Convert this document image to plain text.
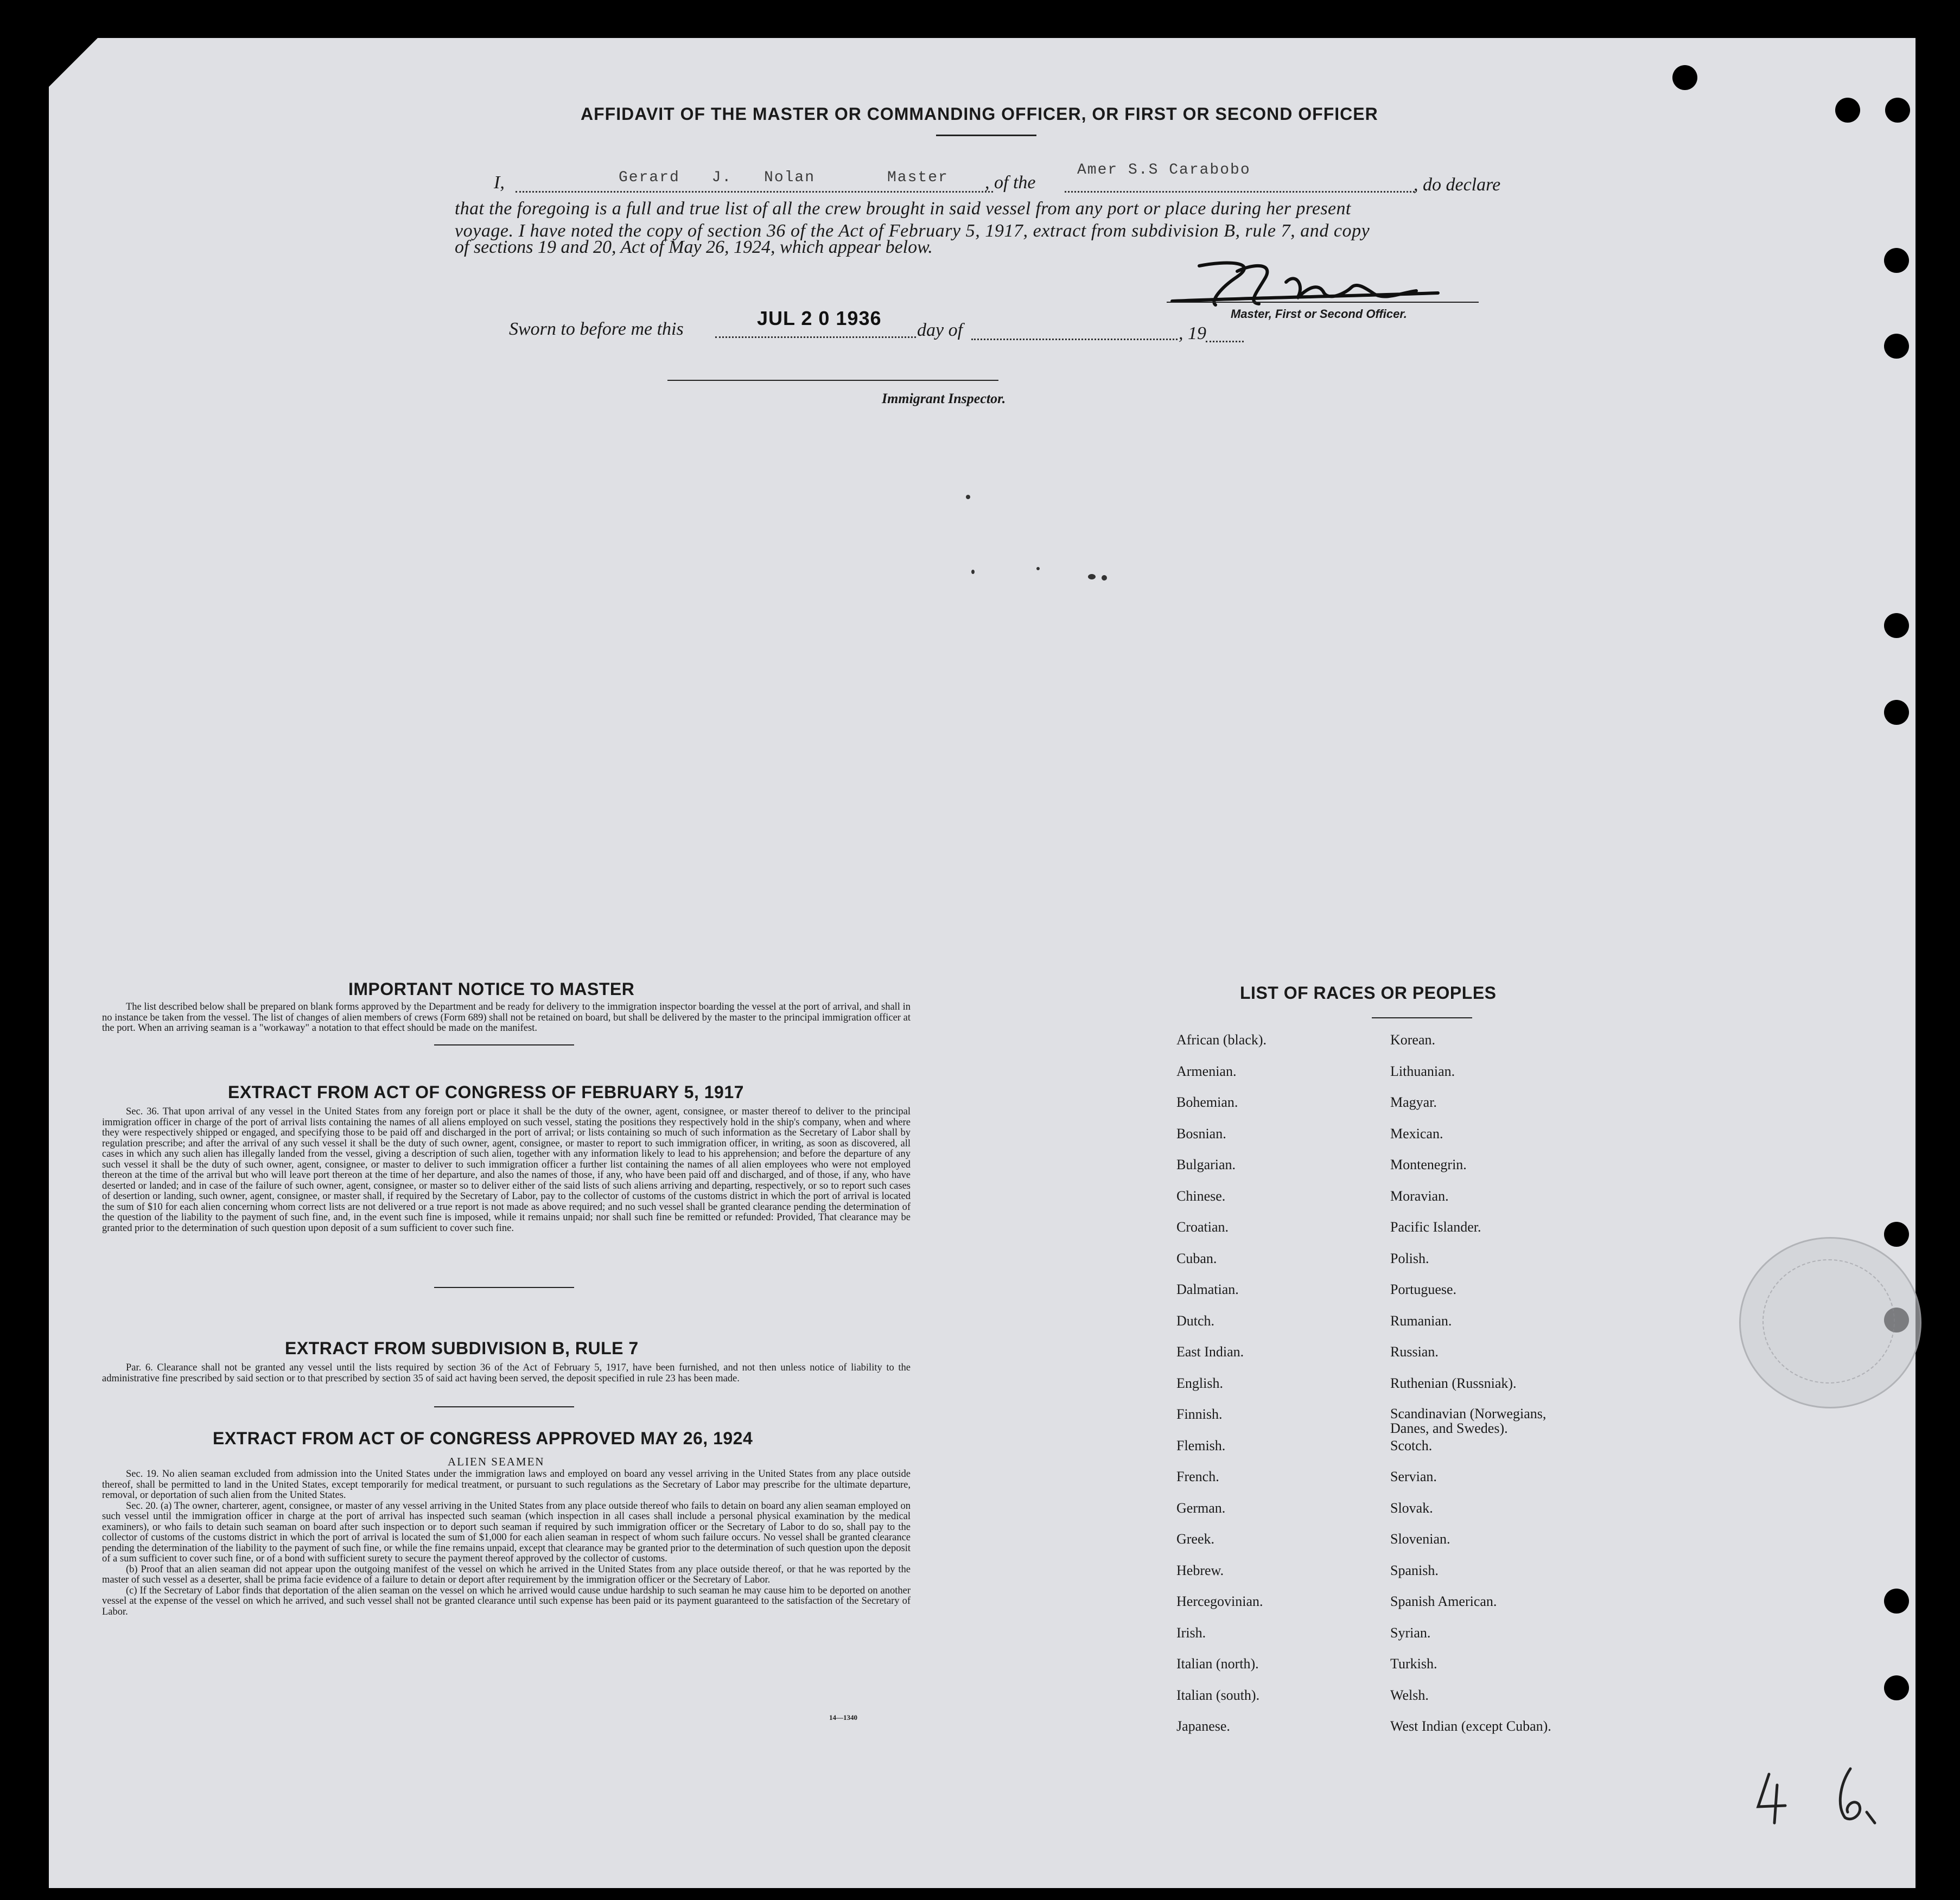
AFFIDAVIT OF THE MASTER OR COMMANDING OFFICER, OR FIRST OR SECOND OFFICER
I,	Gerard J. Nolan	Master , of the
Amer S.S Carabobo
, do declare
that the foregoing is a full and true list of all the crew brought in said vessel from any port or place during her present
voyage. I have noted the copy of section 36 of the Act of February 5, 1917, extract from subdivision B, rule 7, and copy
of sections 19 and 20, Act of May 26, 1924, which appear below.
Master, First or Second Officer.
Sworn to before me this	JUL 2 0 1936
day of	, 19
Immigrant Inspector.
IMPORTANT NOTICE TO MASTER

The list described below shall be prepared on blank forms approved by the Department and be ready for delivery to the immigration inspector boarding the vessel at the port of arrival, and shall in no instance be taken from the vessel. The list of changes of alien members of crews (Form 689) shall not be retained on board, but shall be delivered by the master to the principal immigration officer at the port. When an arriving seaman is a "workaway" a notation to that effect should be made on the manifest.

EXTRACT FROM ACT OF CONGRESS OF FEBRUARY 5, 1917

Sec. 36. That upon arrival of any vessel in the United States from any foreign port or place it shall be the duty of the owner, agent, consignee, or master thereof to deliver to the principal immigration officer in charge of the port of arrival lists containing the names of all aliens employed on such vessel, stating the positions they respectively hold in the ship's company, when and where they were respectively shipped or engaged, and specifying those to be paid off and discharged in the port of arrival; or lists containing so much of such information as the Secretary of Labor shall by regulation prescribe; and after the arrival of any such vessel it shall be the duty of such owner, agent, consignee, or master to report to such immigration officer, in writing, as soon as discovered, all cases in which any such alien has illegally landed from the vessel, giving a description of such alien, together with any information likely to lead to his apprehension; and before the departure of any such vessel it shall be the duty of such owner, agent, consignee, or master to deliver to such immigration officer a further list containing the names of all alien employees who were not employed thereon at the time of the arrival but who will leave port thereon at the time of her departure, and also the names of those, if any, who have been paid off and discharged, and of those, if any, who have deserted or landed; and in case of the failure of such owner, agent, consignee, or master so to deliver either of the said lists of such aliens arriving and departing, respectively, or so to report such cases of desertion or landing, such owner, agent, consignee, or master shall, if required by the Secretary of Labor, pay to the collector of customs of the customs district in which the port of arrival is located the sum of $10 for each alien concerning whom correct lists are not delivered or a true report is not made as above required; and no such vessel shall be granted clearance pending the determination of the question of the liability to the payment of such fine, and, in the event such fine is imposed, while it remains unpaid; nor shall such fine be remitted or refunded: Provided, That clearance may be granted prior to the determination of such question upon deposit of a sum sufficient to cover such fine.

EXTRACT FROM SUBDIVISION B, RULE 7

Par. 6. Clearance shall not be granted any vessel until the lists required by section 36 of the Act of February 5, 1917, have been furnished, and not then unless notice of liability to the administrative fine prescribed by said section or to that prescribed by section 35 of said act having been served, the deposit specified in rule 23 has been made.

EXTRACT FROM ACT OF CONGRESS APPROVED MAY 26, 1924
ALIEN SEAMEN

Sec. 19. No alien seaman excluded from admission into the United States under the immigration laws and employed on board any vessel arriving in the United States from any place outside thereof, shall be permitted to land in the United States, except temporarily for medical treatment, or pursuant to such regulations as the Secretary of Labor may prescribe for the ultimate departure, removal, or deportation of such alien from the United States.

Sec. 20. (a) The owner, charterer, agent, consignee, or master of any vessel arriving in the United States from any place outside thereof who fails to detain on board any alien seaman employed on such vessel until the immigration officer in charge at the port of arrival has inspected such seaman (which inspection in all cases shall include a personal physical examination by the medical examiners), or who fails to detain such seaman on board after such inspection or to deport such seaman if required by such immigration officer or the Secretary of Labor to do so, shall pay to the collector of customs of the customs district in which the port of arrival is located the sum of $1,000 for each alien seaman in respect of whom such failure occurs. No vessel shall be granted clearance pending the determination of the liability to the payment of such fine, or while the fine remains unpaid, except that clearance may be granted prior to the determination of such question upon the deposit of a sum sufficient to cover such fine, or of a bond with sufficient surety to secure the payment thereof approved by the collector of customs.

(b) Proof that an alien seaman did not appear upon the outgoing manifest of the vessel on which he arrived in the United States from any place outside thereof, or that he was reported by the master of such vessel as a deserter, shall be prima facie evidence of a failure to detain or deport after requirement by the immigration officer or the Secretary of Labor.

(c) If the Secretary of Labor finds that deportation of the alien seaman on the vessel on which he arrived would cause undue hardship to such seaman he may cause him to be deported on another vessel at the expense of the vessel on which he arrived, and such vessel shall not be granted clearance until such expense has been paid or its payment guaranteed to the satisfaction of the Secretary of Labor.

14—1340
LIST OF RACES OR PEOPLES
African (black).
Armenian.
Bohemian.
Bosnian.
Bulgarian.
Chinese.
Croatian.
Cuban.
Dalmatian.
Dutch.
East Indian.
English.
Finnish.
Flemish.
French.
German.
Greek.
Hebrew.
Hercegovinian.
Irish.
Italian (north).
Italian (south).
Japanese.
Korean.
Lithuanian.
Magyar.
Mexican.
Montenegrin.
Moravian.
Pacific Islander.
Polish.
Portuguese.
Rumanian.
Russian.
Ruthenian (Russniak).
Scandinavian (Norwegians, Danes, and Swedes).
Scotch.
Servian.
Slovak.
Slovenian.
Spanish.
Spanish American.
Syrian.
Turkish.
Welsh.
West Indian (except Cuban).
